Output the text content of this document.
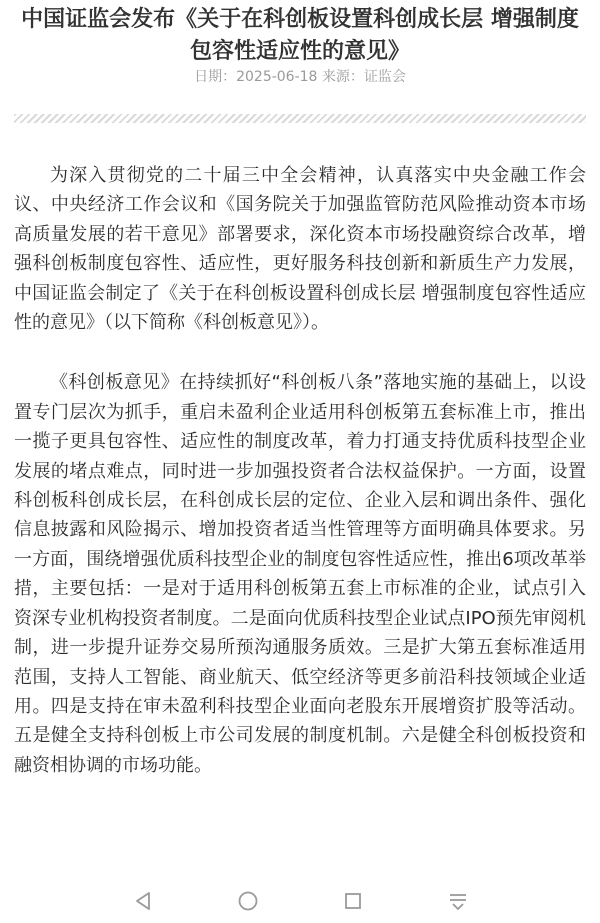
中国证监会发布《关于在科创板设置科创成长层 增强制度包容性适应性的意见》
日期：2025-06-18 来源：证监会

为深入贯彻党的二十届三中全会精神，认真落实中央金融工作会议、中央经济工作会议和《国务院关于加强监管防范风险推动资本市场高质量发展的若干意见》部署要求，深化资本市场投融资综合改革，增强科创板制度包容性、适应性，更好服务科技创新和新质生产力发展，中国证监会制定了《关于在科创板设置科创成长层 增强制度包容性适应性的意见》（以下简称《科创板意见》）。

《科创板意见》在持续抓好“科创板八条”落地实施的基础上，以设置专门层次为抓手，重启未盈利企业适用科创板第五套标准上市，推出一揽子更具包容性、适应性的制度改革，着力打通支持优质科技型企业发展的堵点难点，同时进一步加强投资者合法权益保护。一方面，设置科创板科创成长层，在科创成长层的定位、企业入层和调出条件、强化信息披露和风险揭示、增加投资者适当性管理等方面明确具体要求。另一方面，围绕增强优质科技型企业的制度包容性适应性，推出6项改革举措，主要包括：一是对于适用科创板第五套上市标准的企业，试点引入资深专业机构投资者制度。二是面向优质科技型企业试点IPO预先审阅机制，进一步提升证券交易所预沟通服务质效。三是扩大第五套标准适用范围，支持人工智能、商业航天、低空经济等更多前沿科技领域企业适用。四是支持在审未盈利科技型企业面向老股东开展增资扩股等活动。五是健全支持科创板上市公司发展的制度机制。六是健全科创板投资和融资相协调的市场功能。
